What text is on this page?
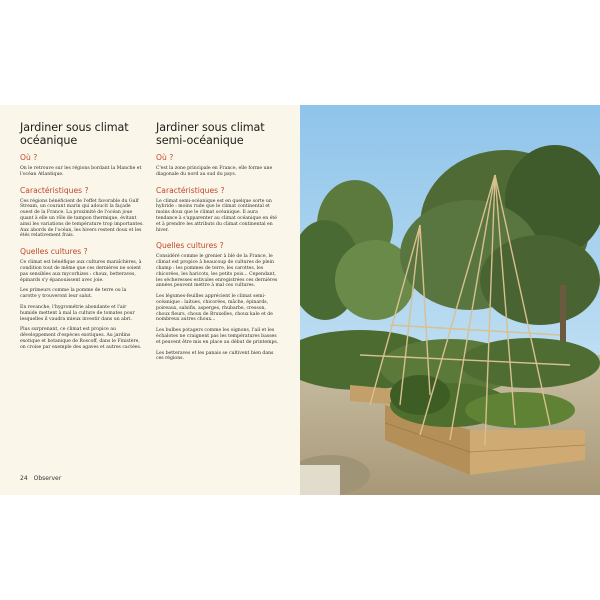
Jardiner sous climat
océanique
Où ?

On le retrouve sur les régions bordant la Manche et l'océan Atlantique.

Caractéristiques ?

Ces régions bénéficient de l'effet favorable du Gulf Stream, un courant marin qui adoucit la façade ouest de la France. La proximité de l'océan joue quant à elle un rôle de tampon thermique, évitant ainsi les variations de température trop importantes. Aux abords de l'océan, les hivers restent doux et les étés relativement frais.

Quelles cultures ?

Ce climat est bénéfique aux cultures maraîchères, à condition tout de même que ces dernières ne soient pas sensibles aux mycorhizes : choux, betteraves, épinards s'y épanouissent avec joie.

Les primeurs comme la pomme de terre ou la carotte y trouveront leur salut.

En revanche, l'hygrométrie abondante et l'air humide mettent à mal la culture de tomates pour lesquelles il vaudra mieux investir dans un abri.

Plus surprenant, ce climat est propice au développement d'espèces exotiques. Au jardins exotique et botanique de Roscoff, dans le Finistère, on croise par exemple des agaves et autres cactées.

Jardiner sous climat
semi-océanique
Où ?

C'est la zone principale en France, elle forme une diagonale du nord au sud du pays.

Caractéristiques ?

Le climat semi-océanique est en quelque sorte un hybride : moins rude que le climat continental et moins doux que le climat océanique. Il aura tendance à s'apparenter au climat océanique en été et à prendre les attributs du climat continental en hiver.

Quelles cultures ?

Considéré comme le grenier à blé de la France, le climat est propice à beaucoup de cultures de plein champ : les pommes de terre, les carottes, les chicorées, les haricots, les petits pois... Cependant, les sécheresses estivales enregistrées ces dernières années peuvent mettre à mal ces cultures.

Les légumes-feuilles apprécient le climat semi-océanique : laitues, chicorées, mâche, épinards, poireaux, salsifis, asperges, rhubarbe, cresson, choux fleurs, choux de Bruxelles, choux kale et de nombreux autres choux...

Les bulbes potagers comme les oignons, l'ail et les échalotes ne craignent pas les températures basses et peuvent être mis en place au début de printemps.

Les betteraves et les panais se cultivent bien dans ces régions.

24 Observer
